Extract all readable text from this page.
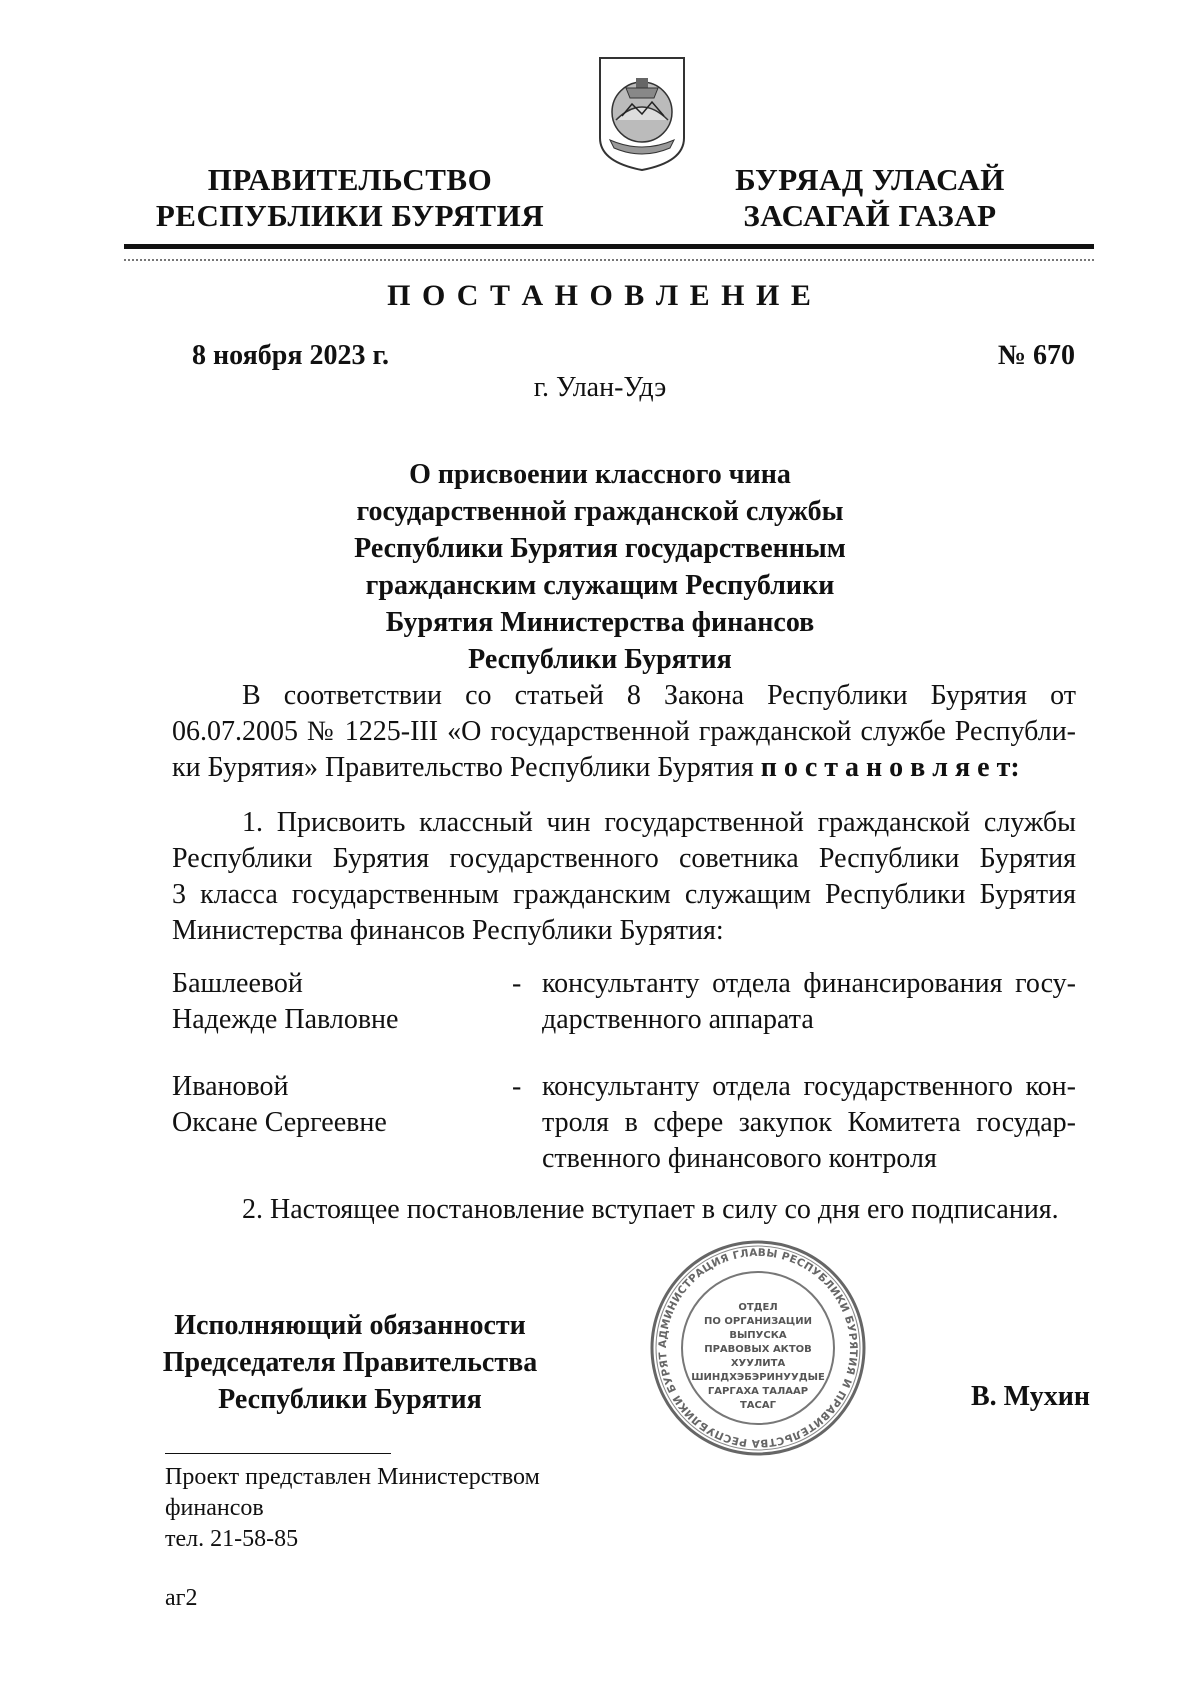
ПРАВИТЕЛЬСТВО
РЕСПУБЛИКИ БУРЯТИЯ
БУРЯАД УЛАСАЙ
ЗАСАГАЙ ГАЗАР
П О С Т А Н О В Л Е Н И Е
8 ноября 2023 г.	№ 670
г. Улан-Удэ
О присвоении классного чина
государственной гражданской службы
Республики Бурятия государственным
гражданским служащим Республики
Бурятия Министерства финансов
Республики Бурятия
В соответствии со статьей 8 Закона Республики Бурятия от
06.07.2005 № 1225-III «О государственной гражданской службе Республи-
ки Бурятия» Правительство Республики Бурятия п о с т а н о в л я е т:
1. Присвоить классный чин государственной гражданской службы
Республики Бурятия государственного советника Республики Бурятия
3 класса государственным гражданским служащим Республики Бурятия
Министерства финансов Республики Бурятия:
Башлеевой
Надежде Павловне
- консультанту отдела финансирования госу-
дарственного аппарата
Ивановой
Оксане Сергеевне
- консультанту отдела государственного кон-
троля в сфере закупок Комитета государ-
ственного финансового контроля
2. Настоящее постановление вступает в силу со дня его подписания.
Исполняющий обязанности
Председателя Правительства
Республики Бурятия
АДМИНИСТРАЦИЯ ГЛАВЫ РЕСПУБЛИКИ БУРЯТИЯ И ПРАВИТЕЛЬСТВА РЕСПУБЛИКИ БУРЯТ
ОТДЕЛ
ПО ОРГАНИЗАЦИИ
ВЫПУСКА
ПРАВОВЫХ АКТОВ
ХУУЛИТА
ШИНДХЭБЭРИНУУДЫЕ
ГАРГАХА ТАЛААР
ТАСАГ	В. Мухин
Проект представлен Министерством
финансов
тел. 21-58-85
аг2
